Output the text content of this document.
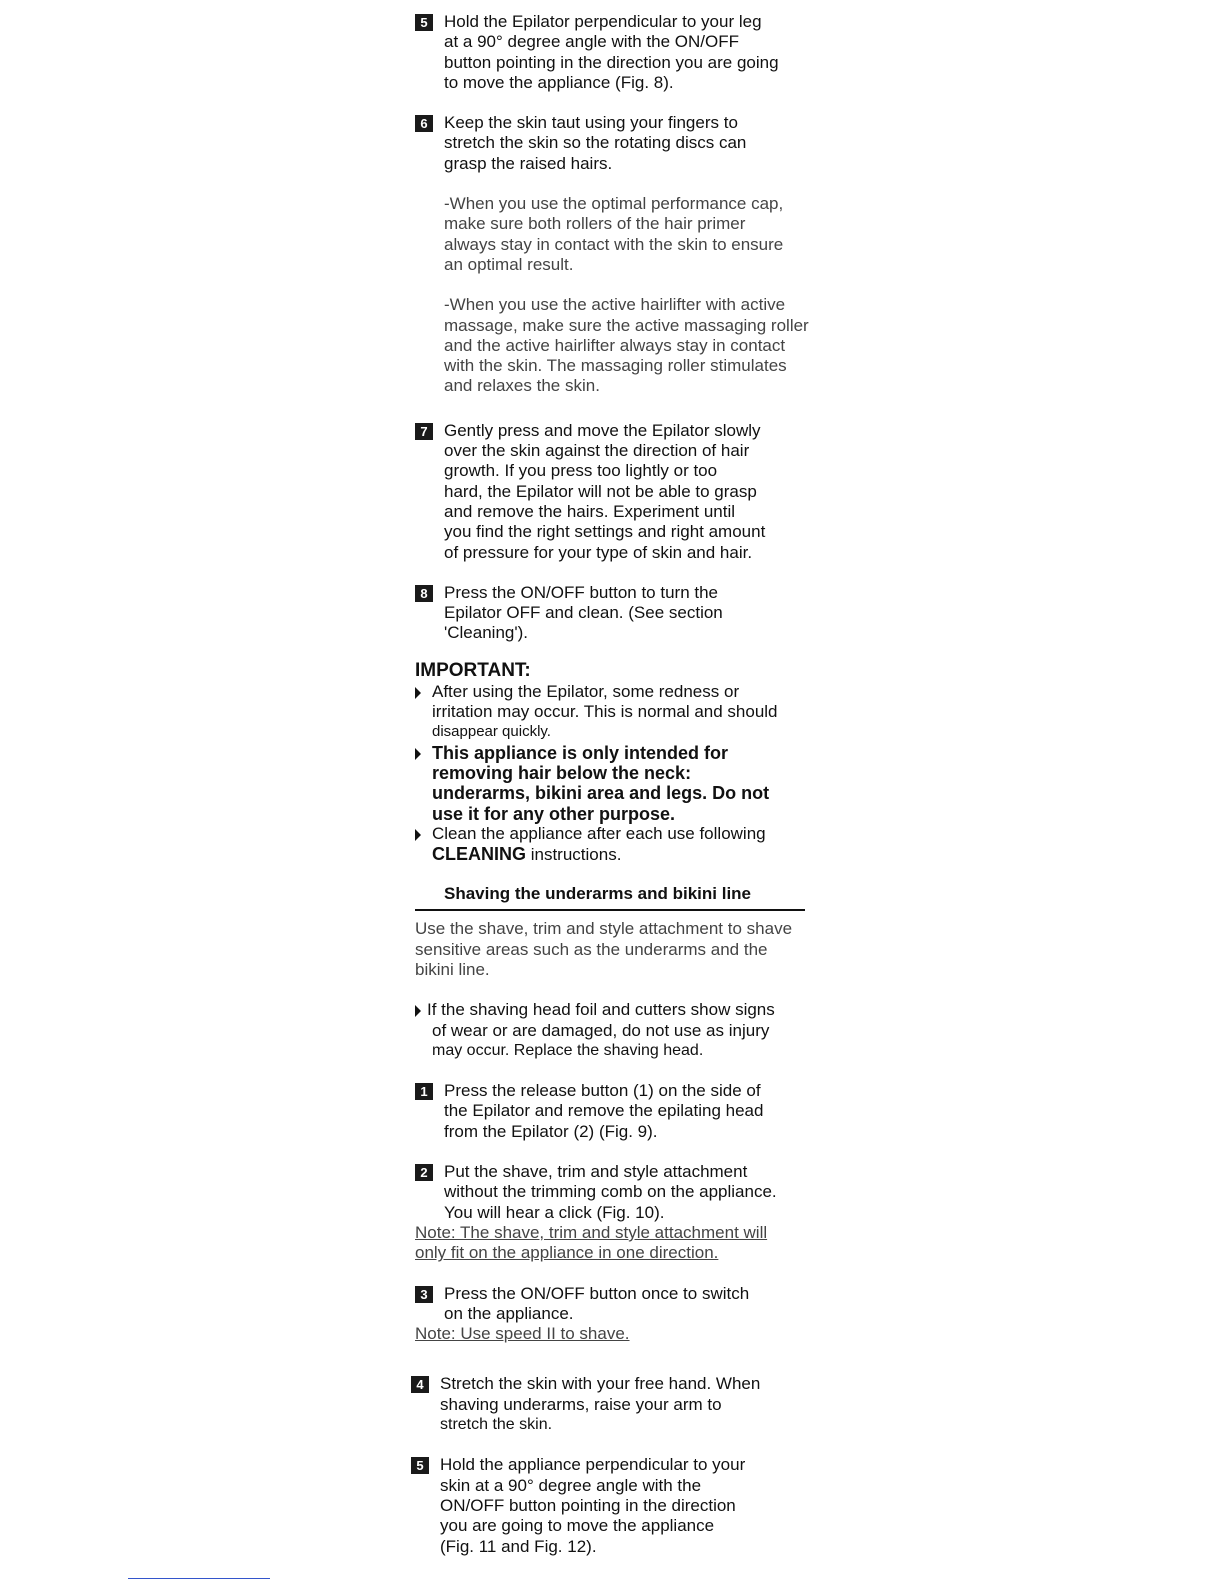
5 Hold the Epilator perpendicular to your leg
at a 90° degree angle with the ON/OFF
button pointing in the direction you are going
to move the appliance (Fig. 8).
6 Keep the skin taut using your fingers to
stretch the skin so the rotating discs can
grasp the raised hairs.
-When you use the optimal performance cap,
make sure both rollers of the hair primer
always stay in contact with the skin to ensure
an optimal result.
-When you use the active hairlifter with active
massage, make sure the active massaging roller
and the active hairlifter always stay in contact
with the skin. The massaging roller stimulates
and relaxes the skin.
7 Gently press and move the Epilator slowly
over the skin against the direction of hair
growth. If you press too lightly or too
hard, the Epilator will not be able to grasp
and remove the hairs. Experiment until
you find the right settings and right amount
of pressure for your type of skin and hair.
8 Press the ON/OFF button to turn the
Epilator OFF and clean. (See section
'Cleaning').
IMPORTANT:
After using the Epilator, some redness or
irritation may occur. This is normal and should
disappear quickly.
This appliance is only intended for
removing hair below the neck:
underarms, bikini area and legs. Do not
use it for any other purpose.
Clean the appliance after each use following
CLEANING instructions.
Shaving the underarms and bikini line
Use the shave, trim and style attachment to shave
sensitive areas such as the underarms and the
bikini line.
If the shaving head foil and cutters show signs
of wear or are damaged, do not use as injury
may occur. Replace the shaving head.
1 Press the release button (1) on the side of
the Epilator and remove the epilating head
from the Epilator (2) (Fig. 9).
2 Put the shave, trim and style attachment
without the trimming comb on the appliance.
You will hear a click (Fig. 10).
Note: The shave, trim and style attachment will
only fit on the appliance in one direction.
3 Press the ON/OFF button once to switch
on the appliance.
Note: Use speed II to shave.
4 Stretch the skin with your free hand. When
shaving underarms, raise your arm to
stretch the skin.
5 Hold the appliance perpendicular to your
skin at a 90° degree angle with the
ON/OFF button pointing in the direction
you are going to move the appliance
(Fig. 11 and Fig. 12).
